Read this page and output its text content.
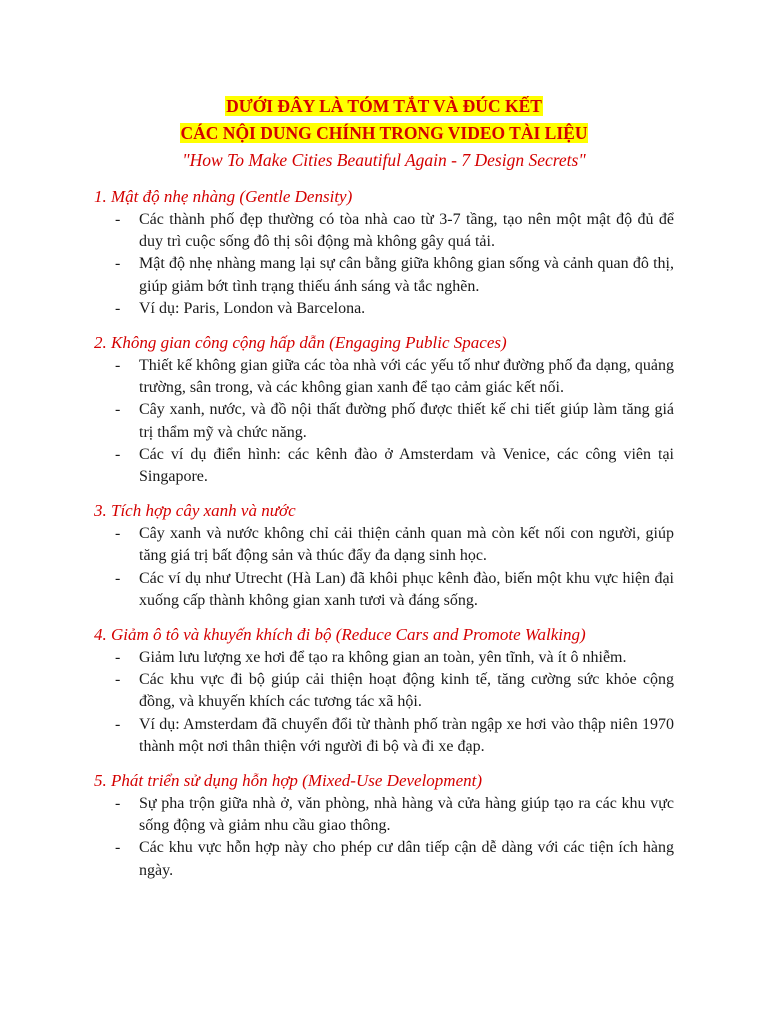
DƯỚI ĐÂY LÀ TÓM TẮT VÀ ĐÚC KẾT
CÁC NỘI DUNG CHÍNH TRONG VIDEO TÀI LIỆU
"How To Make Cities Beautiful Again - 7 Design Secrets"
1. Mật độ nhẹ nhàng (Gentle Density)
- Các thành phố đẹp thường có tòa nhà cao từ 3-7 tầng, tạo nên một mật độ đủ để duy trì cuộc sống đô thị sôi động mà không gây quá tải.
- Mật độ nhẹ nhàng mang lại sự cân bằng giữa không gian sống và cảnh quan đô thị, giúp giảm bớt tình trạng thiếu ánh sáng và tắc nghẽn.
- Ví dụ: Paris, London và Barcelona.
2. Không gian công cộng hấp dẫn (Engaging Public Spaces)
- Thiết kế không gian giữa các tòa nhà với các yếu tố như đường phố đa dạng, quảng trường, sân trong, và các không gian xanh để tạo cảm giác kết nối.
- Cây xanh, nước, và đồ nội thất đường phố được thiết kế chi tiết giúp làm tăng giá trị thẩm mỹ và chức năng.
- Các ví dụ điển hình: các kênh đào ở Amsterdam và Venice, các công viên tại Singapore.
3. Tích hợp cây xanh và nước
- Cây xanh và nước không chỉ cải thiện cảnh quan mà còn kết nối con người, giúp tăng giá trị bất động sản và thúc đẩy đa dạng sinh học.
- Các ví dụ như Utrecht (Hà Lan) đã khôi phục kênh đào, biến một khu vực hiện đại xuống cấp thành không gian xanh tươi và đáng sống.
4. Giảm ô tô và khuyến khích đi bộ (Reduce Cars and Promote Walking)
- Giảm lưu lượng xe hơi để tạo ra không gian an toàn, yên tĩnh, và ít ô nhiễm.
- Các khu vực đi bộ giúp cải thiện hoạt động kinh tế, tăng cường sức khỏe cộng đồng, và khuyến khích các tương tác xã hội.
- Ví dụ: Amsterdam đã chuyển đổi từ thành phố tràn ngập xe hơi vào thập niên 1970 thành một nơi thân thiện với người đi bộ và đi xe đạp.
5. Phát triển sử dụng hỗn hợp (Mixed-Use Development)
- Sự pha trộn giữa nhà ở, văn phòng, nhà hàng và cửa hàng giúp tạo ra các khu vực sống động và giảm nhu cầu giao thông.
- Các khu vực hỗn hợp này cho phép cư dân tiếp cận dễ dàng với các tiện ích hàng ngày.
